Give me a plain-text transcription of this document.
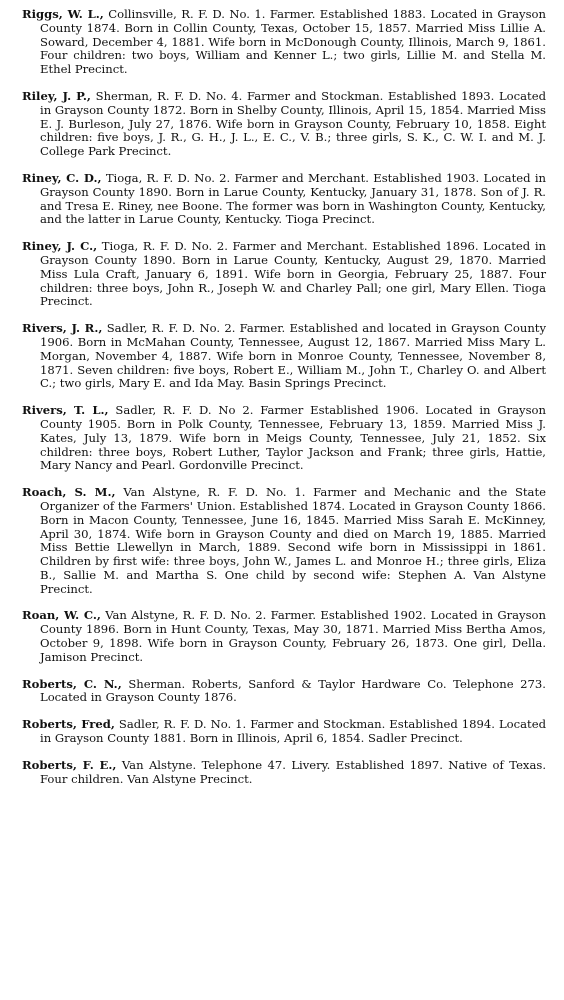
Riggs, W. L., Collinsville, R. F. D. No. 1. Farmer. Established 1883. Located in Grayson County 1874. Born in Collin County, Texas, October 15, 1857. Married Miss Lillie A. Soward, December 4, 1881. Wife born in McDonough County, Illinois, March 9, 1861. Four children: two boys, William and Kenner L.; two girls, Lillie M. and Stella M. Ethel Precinct.

Riley, J. P., Sherman, R. F. D. No. 4. Farmer and Stockman. Established 1893. Located in Grayson County 1872. Born in Shelby County, Illinois, April 15, 1854. Married Miss E. J. Burleson, July 27, 1876. Wife born in Grayson County, February 10, 1858. Eight children: five boys, J. R., G. H., J. L., E. C., V. B.; three girls, S. K., C. W. I. and M. J. College Park Precinct.

Riney, C. D., Tioga, R. F. D. No. 2. Farmer and Merchant. Established 1903. Located in Grayson County 1890. Born in Larue County, Kentucky, January 31, 1878. Son of J. R. and Tresa E. Riney, nee Boone. The former was born in Washington County, Kentucky, and the latter in Larue County, Kentucky. Tioga Precinct.

Riney, J. C., Tioga, R. F. D. No. 2. Farmer and Merchant. Established 1896. Located in Grayson County 1890. Born in Larue County, Kentucky, August 29, 1870. Married Miss Lula Craft, January 6, 1891. Wife born in Georgia, February 25, 1887. Four children: three boys, John R., Joseph W. and Charley Pall; one girl, Mary Ellen. Tioga Precinct.

Rivers, J. R., Sadler, R. F. D. No. 2. Farmer. Established and located in Grayson County 1906. Born in McMahan County, Tennessee, August 12, 1867. Married Miss Mary L. Morgan, November 4, 1887. Wife born in Monroe County, Tennessee, November 8, 1871. Seven children: five boys, Robert E., William M., John T., Charley O. and Albert C.; two girls, Mary E. and Ida May. Basin Springs Precinct.

Rivers, T. L., Sadler, R. F. D. No 2. Farmer Established 1906. Located in Grayson County 1905. Born in Polk County, Tennessee, February 13, 1859. Married Miss J. Kates, July 13, 1879. Wife born in Meigs County, Tennessee, July 21, 1852. Six children: three boys, Robert Luther, Taylor Jackson and Frank; three girls, Hattie, Mary Nancy and Pearl. Gordonville Precinct.

Roach, S. M., Van Alstyne, R. F. D. No. 1. Farmer and Mechanic and the State Organizer of the Farmers' Union. Established 1874. Located in Grayson County 1866. Born in Macon County, Tennessee, June 16, 1845. Married Miss Sarah E. McKinney, April 30, 1874. Wife born in Grayson County and died on March 19, 1885. Married Miss Bettie Llewellyn in March, 1889. Second wife born in Mississippi in 1861. Children by first wife: three boys, John W., James L. and Monroe H.; three girls, Eliza B., Sallie M. and Martha S. One child by second wife: Stephen A. Van Alstyne Precinct.

Roan, W. C., Van Alstyne, R. F. D. No. 2. Farmer. Established 1902. Located in Grayson County 1896. Born in Hunt County, Texas, May 30, 1871. Married Miss Bertha Amos, October 9, 1898. Wife born in Grayson County, February 26, 1873. One girl, Della. Jamison Precinct.

Roberts, C. N., Sherman. Roberts, Sanford & Taylor Hardware Co. Telephone 273. Located in Grayson County 1876.

Roberts, Fred, Sadler, R. F. D. No. 1. Farmer and Stockman. Established 1894. Located in Grayson County 1881. Born in Illinois, April 6, 1854. Sadler Precinct.

Roberts, F. E., Van Alstyne. Telephone 47. Livery. Established 1897. Native of Texas. Four children. Van Alstyne Precinct.
